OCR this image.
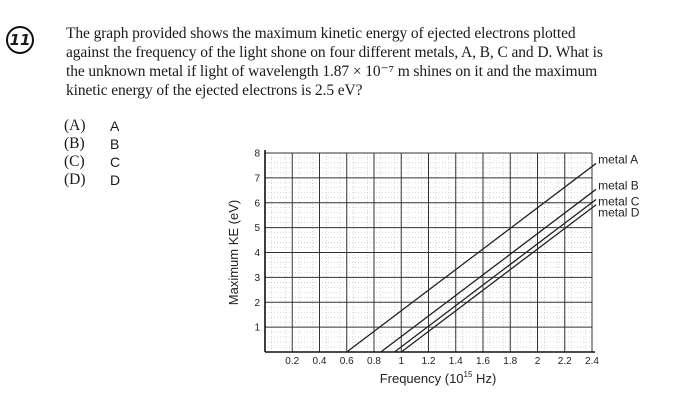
11 The graph provided shows the maximum kinetic energy of ejected electrons plotted
against the frequency of the light shone on four different metals, A, B, C and D. What is
the unknown metal if light of wavelength 1.87 × 10⁻⁷ m shines on it and the maximum
kinetic energy of the ejected electrons is 2.5 eV?
(A)	A
(B)	B
(C)	C
(D)	D
0.2 0.4 0.6 0.8 1 1.2 1.4 1.6 1.8 2 2.2 2.4
1
2
3
4
5
6
7
8	metal A
metal B
metal C
metal D
Maximum KE (eV)
Frequency ($10^{15}$ Hz)
